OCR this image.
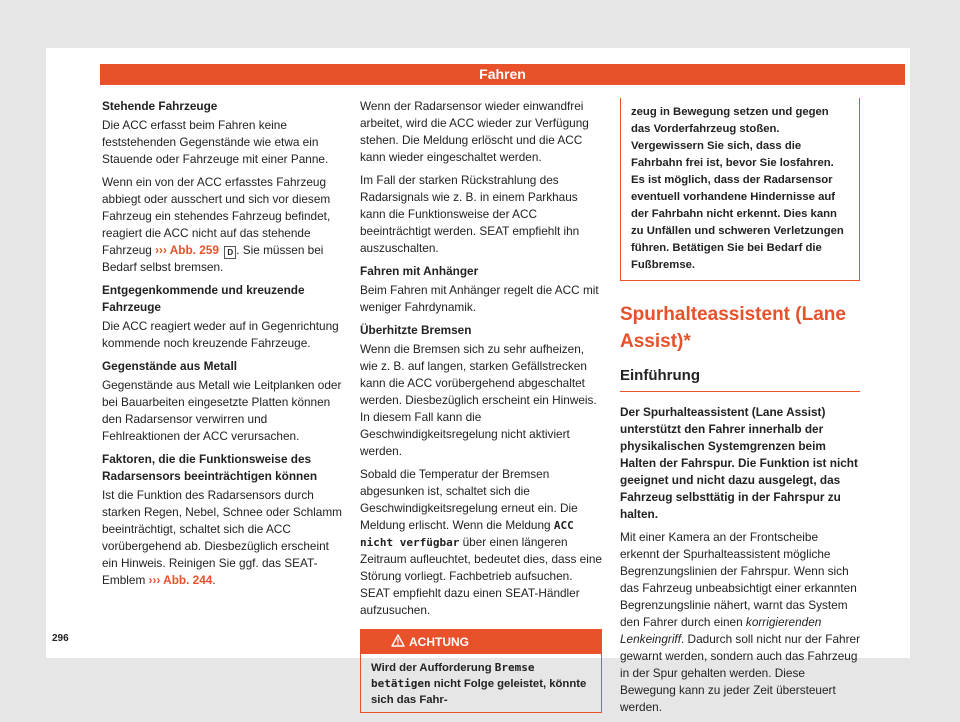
Fahren
Stehende Fahrzeuge

Die ACC erfasst beim Fahren keine feststehenden Gegenstände wie etwa ein Stauende oder Fahrzeuge mit einer Panne.

Wenn ein von der ACC erfasstes Fahrzeug abbiegt oder ausschert und sich vor diesem Fahrzeug ein stehendes Fahrzeug befindet, reagiert die ACC nicht auf das stehende Fahrzeug ››› Abb. 259 D . Sie müssen bei Bedarf selbst bremsen.

Entgegenkommende und kreuzende Fahrzeuge

Die ACC reagiert weder auf in Gegenrichtung kommende noch kreuzende Fahrzeuge.

Gegenstände aus Metall

Gegenstände aus Metall wie Leitplanken oder bei Bauarbeiten eingesetzte Platten können den Radarsensor verwirren und Fehlreaktionen der ACC verursachen.

Faktoren, die die Funktionsweise des Radarsensors beeinträchtigen können

Ist die Funktion des Radarsensors durch starken Regen, Nebel, Schnee oder Schlamm beeinträchtigt, schaltet sich die ACC vorübergehend ab. Diesbezüglich erscheint ein Hinweis. Reinigen Sie ggf. das SEAT-Emblem ››› Abb. 244.

Wenn der Radarsensor wieder einwandfrei arbeitet, wird die ACC wieder zur Verfügung stehen. Die Meldung erlöscht und die ACC kann wieder eingeschaltet werden.

Im Fall der starken Rückstrahlung des Radarsignals wie z. B. in einem Parkhaus kann die Funktionsweise der ACC beeinträchtigt werden. SEAT empfiehlt ihn auszuschalten.

Fahren mit Anhänger

Beim Fahren mit Anhänger regelt die ACC mit weniger Fahrdynamik.

Überhitzte Bremsen

Wenn die Bremsen sich zu sehr aufheizen, wie z. B. auf langen, starken Gefällstrecken kann die ACC vorübergehend abgeschaltet werden. Diesbezüglich erscheint ein Hinweis. In diesem Fall kann die Geschwindigkeitsregelung nicht aktiviert werden.

Sobald die Temperatur der Bremsen abgesunken ist, schaltet sich die Geschwindigkeitsregelung erneut ein. Die Meldung erlischt. Wenn die Meldung ACC nicht verfügbar über einen längeren Zeitraum aufleuchtet, bedeutet dies, dass eine Störung vorliegt. Fachbetrieb aufsuchen. SEAT empfiehlt dazu einen SEAT-Händler aufzusuchen.

ACHTUNG
Wird der Aufforderung Bremse betätigen nicht Folge geleistet, könnte sich das Fahr-
zeug in Bewegung setzen und gegen das Vorderfahrzeug stoßen. Vergewissern Sie sich, dass die Fahrbahn frei ist, bevor Sie losfahren. Es ist möglich, dass der Radarsensor eventuell vorhandene Hindernisse auf der Fahrbahn nicht erkennt. Dies kann zu Unfällen und schweren Verletzungen führen. Betätigen Sie bei Bedarf die Fußbremse.
Spurhalteassistent (Lane Assist)*
Einführung

Der Spurhalteassistent (Lane Assist) unterstützt den Fahrer innerhalb der physikalischen Systemgrenzen beim Halten der Fahrspur. Die Funktion ist nicht geeignet und nicht dazu ausgelegt, das Fahrzeug selbsttätig in der Fahrspur zu halten.

Mit einer Kamera an der Frontscheibe erkennt der Spurhalteassistent mögliche Begrenzungslinien der Fahrspur. Wenn sich das Fahrzeug unbeabsichtigt einer erkannten Begrenzungslinie nähert, warnt das System den Fahrer durch einen korrigierenden Lenkeingriff. Dadurch soll nicht nur der Fahrer gewarnt werden, sondern auch das Fahrzeug in der Spur gehalten werden. Diese Bewegung kann zu jeder Zeit übersteuert werden.

296
